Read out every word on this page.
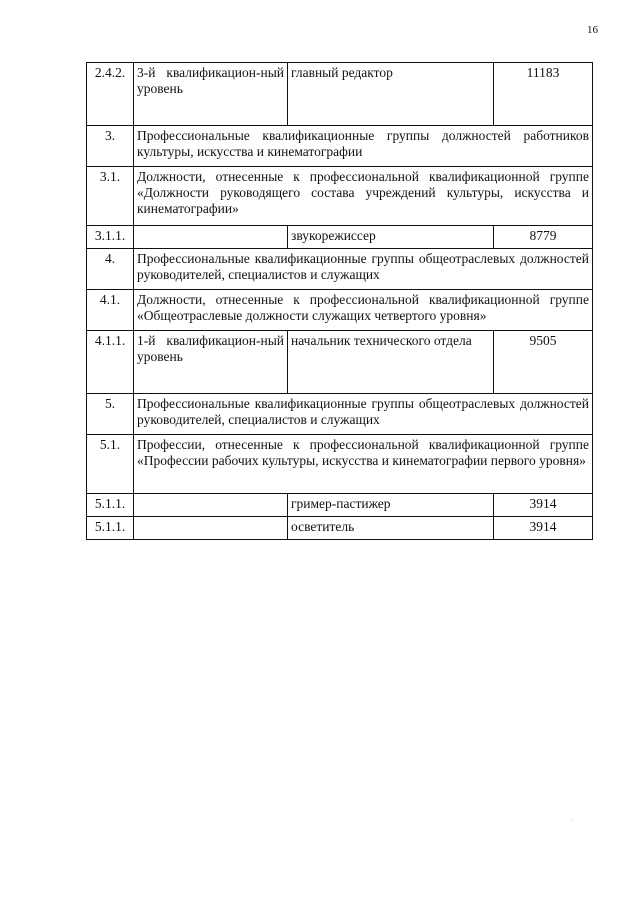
16
2.4.2.	3-й квалификацион-ный уровень	главный редактор	11183
3.	Профессиональные квалификационные группы должностей работников культуры, искусства и кинематографии		
3.1.	Должности, отнесенные к профессиональной квалификационной группе «Должности руководящего состава учреждений культуры, искусства и кинематографии»		
3.1.1.		звукорежиссер	8779
4.	Профессиональные квалификационные группы общеотраслевых должностей руководителей, специалистов и служащих		
4.1.	Должности, отнесенные к профессиональной квалификационной группе «Общеотраслевые должности служащих четвертого уровня»		
4.1.1.	1-й квалификацион-ный уровень	начальник технического отдела	9505
5.	Профессиональные квалификационные группы общеотраслевых должностей руководителей, специалистов и служащих		
5.1.	Профессии, отнесенные к профессиональной квалификационной группе «Профессии рабочих культуры, искусства и кинематографии первого уровня»		
5.1.1.		гример-пастижер	3914
5.1.1.		осветитель	3914
